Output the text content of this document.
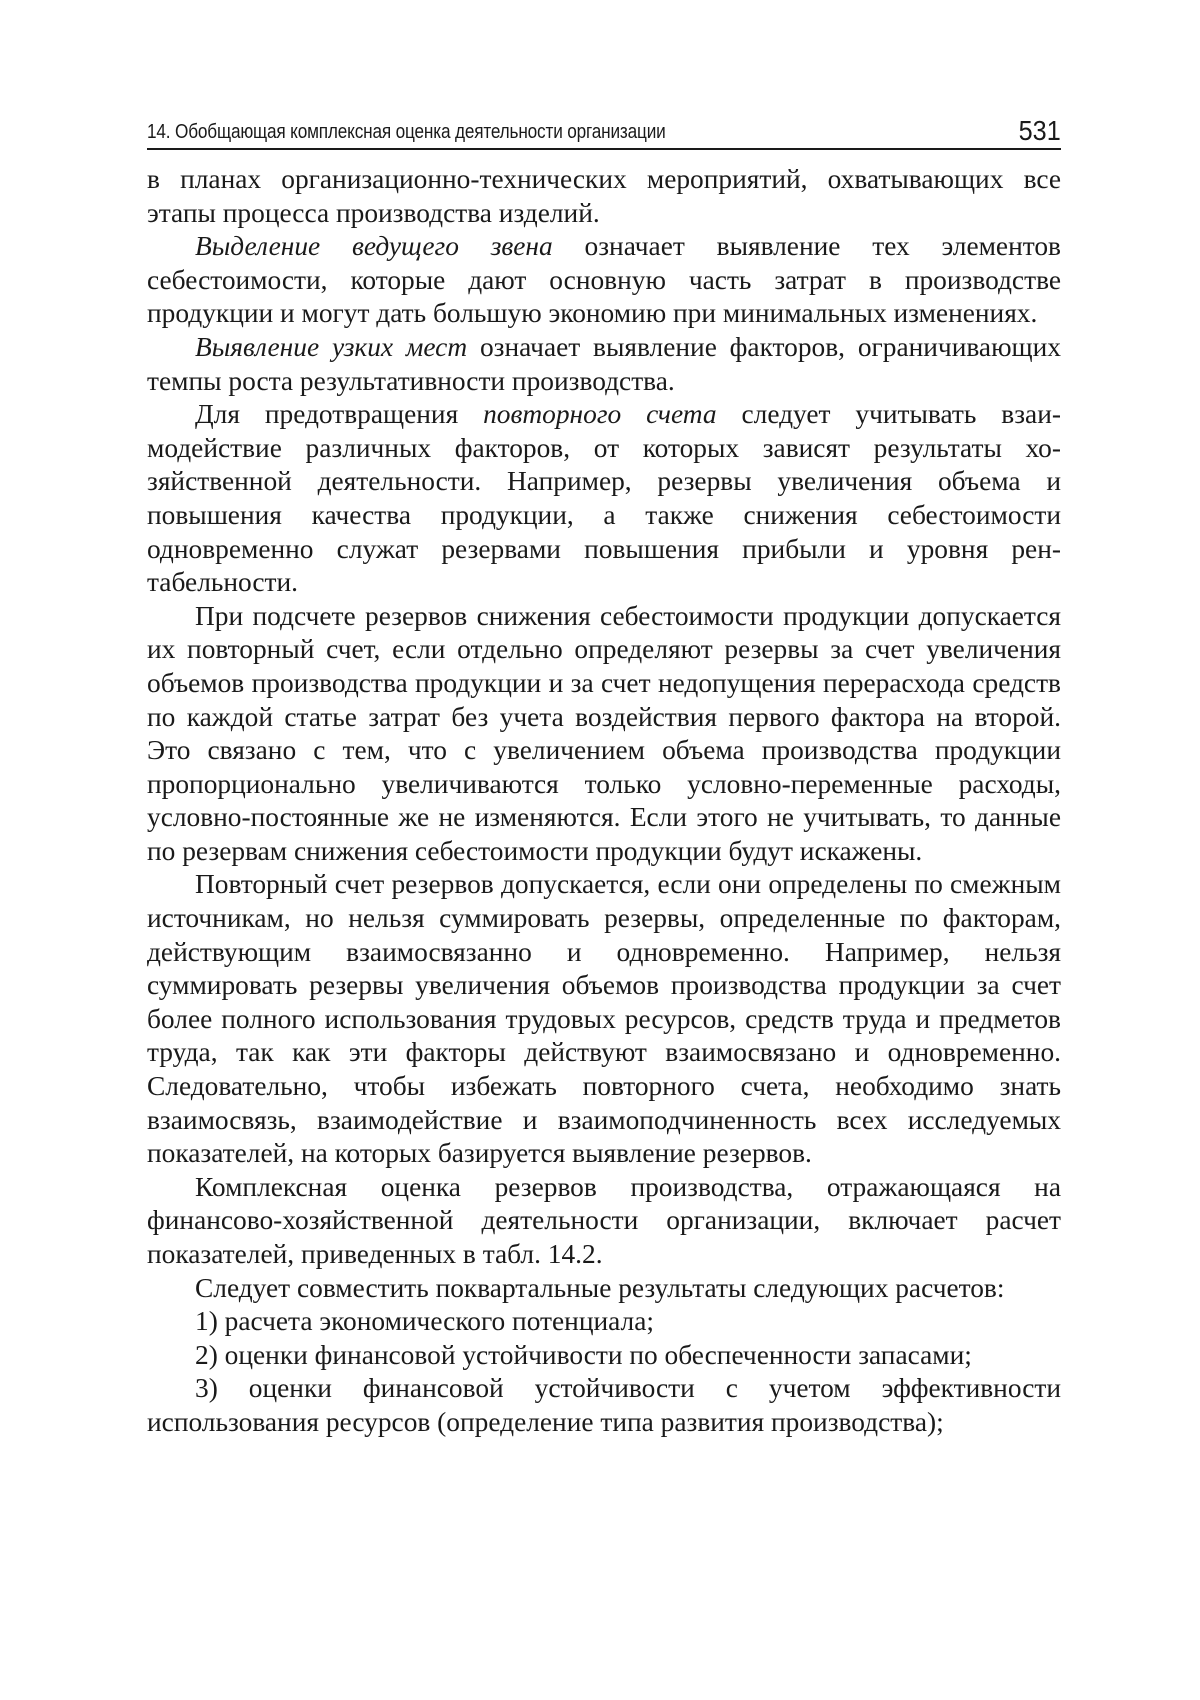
14. Обобщающая комплексная оценка деятельности организации	531

в планах организационно-технических мероприятий, охватывающих все этапы процесса производства изделий.

Выделение ведущего звена означает выявление тех элементов себестоимости, которые дают основную часть затрат в производстве продукции и могут дать большую экономию при минимальных изменениях.

Выявление узких мест означает выявление факторов, ограничивающих темпы роста результативности производства.

Для предотвращения повторного счета следует учитывать взаимодействие различных факторов, от которых зависят результаты хозяйственной деятельности. Например, резервы увеличения объема и повышения качества продукции, а также снижения себестоимости одновременно служат резервами повышения прибыли и уровня рентабельности.

При подсчете резервов снижения себестоимости продукции допускается их повторный счет, если отдельно определяют резервы за счет увеличения объемов производства продукции и за счет недопущения перерасхода средств по каждой статье затрат без учета воздействия первого фактора на второй. Это связано с тем, что с увеличением объема производства продукции пропорционально увеличиваются только условно-переменные расходы, условно-постоянные же не изменяются. Если этого не учитывать, то данные по резервам снижения себестоимости продукции будут искажены.

Повторный счет резервов допускается, если они определены по смежным источникам, но нельзя суммировать резервы, определенные по факторам, действующим взаимосвязанно и одновременно. Например, нельзя суммировать резервы увеличения объемов производства продукции за счет более полного использования трудовых ресурсов, средств труда и предметов труда, так как эти факторы действуют взаимосвязано и одновременно. Следовательно, чтобы избежать повторного счета, необходимо знать взаимосвязь, взаимодействие и взаимоподчиненность всех исследуемых показателей, на которых базируется выявление резервов.

Комплексная оценка резервов производства, отражающаяся на финансово-хозяйственной деятельности организации, включает расчет показателей, приведенных в табл. 14.2.

Следует совместить поквартальные результаты следующих расчетов:

1) расчета экономического потенциала;

2) оценки финансовой устойчивости по обеспеченности запасами;

3) оценки финансовой устойчивости с учетом эффективности использования ресурсов (определение типа развития производства);
